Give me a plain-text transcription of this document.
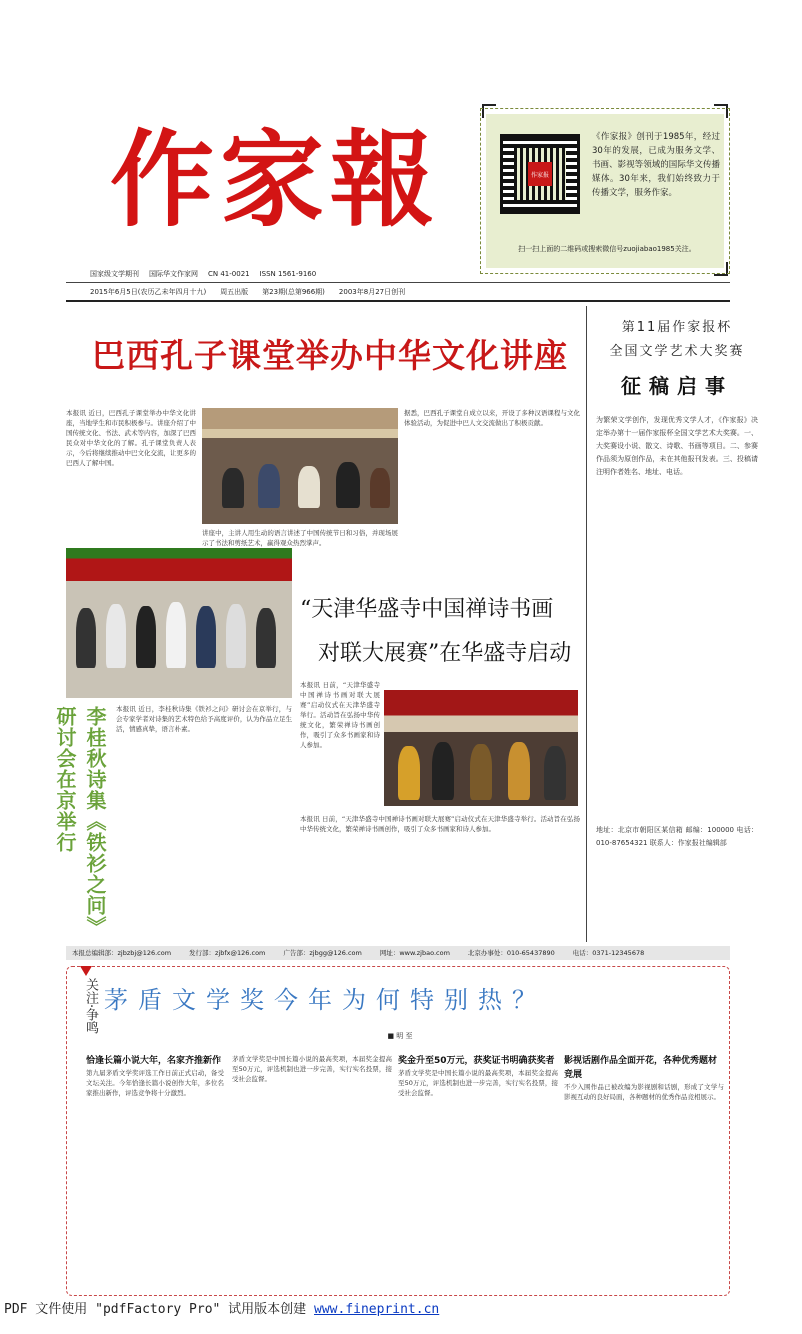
作家報	作家报
《作家报》创刊于1985年，经过30年的发展，已成为服务文学、书画、影视等领域的国际华文传播媒体。30年来，我们始终致力于传播文学，服务作家。
扫一扫上面的二维码或搜索微信号zuojiabao1985关注。
国家级文学期刊 国际华文作家网 CN 41-0021 ISSN 1561-9160
2015年6月5日(农历乙未年四月十九) 周五出版 第23期(总第966期) 2003年8月27日创刊
巴西孔子课堂举办中华文化讲座
本报讯 近日，巴西孔子课堂举办中华文化讲座，当地学生和市民积极参与。讲座介绍了中国传统文化、书法、武术等内容，加深了巴西民众对中华文化的了解。孔子课堂负责人表示，今后将继续推动中巴文化交流，让更多的巴西人了解中国。
讲座中，主讲人用生动的语言讲述了中国传统节日和习俗，并现场展示了书法和剪纸艺术，赢得观众热烈掌声。
据悉，巴西孔子课堂自成立以来，开设了多种汉语课程与文化体验活动，为促进中巴人文交流做出了积极贡献。
第11届作家报杯
全国文学艺术大奖赛
征稿启事
为繁荣文学创作，发现优秀文学人才，《作家报》决定举办第十一届作家报杯全国文学艺术大奖赛。一、大奖赛设小说、散文、诗歌、书画等项目。二、参赛作品须为原创作品，未在其他报刊发表。三、投稿请注明作者姓名、地址、电话。
地址：北京市朝阳区某信箱 邮编：100000 电话：010-87654321 联系人：作家报社编辑部
“天津华盛寺中国禅诗书画
对联大展赛”在华盛寺启动
本报讯 日前，“天津华盛寺中国禅诗书画对联大展赛”启动仪式在天津华盛寺举行。活动旨在弘扬中华传统文化，繁荣禅诗书画创作，吸引了众多书画家和诗人参加。
李桂秋诗集《铁衫之问》研讨会在京举行	本报讯 近日，李桂秋诗集《铁衫之问》研讨会在京举行，与会专家学者对诗集的艺术特色给予高度评价，认为作品立足生活，情感真挚，语言朴素。
本报讯 日前，“天津华盛寺中国禅诗书画对联大展赛”启动仪式在天津华盛寺举行。活动旨在弘扬中华传统文化，繁荣禅诗书画创作，吸引了众多书画家和诗人参加。
本报总编辑部：zjbzbj@126.com	发行部：zjbfx@126.com	广告部：zjbgg@126.com	网址：www.zjbao.com	北京办事处：010-65437890	电话：0371-12345678
关注·争鸣 茅盾文学奖今年为何特别热？
■ 明 至
恰逢长篇小说大年，名家齐推新作
第九届茅盾文学奖评选工作日前正式启动，备受文坛关注。今年恰逢长篇小说创作大年，多位名家推出新作，评选竞争将十分激烈。
茅盾文学奖是中国长篇小说的最高奖项，本届奖金提高至50万元，评选机制也进一步完善，实行实名投票，接受社会监督。
奖金升至50万元，获奖证书明确获奖者
茅盾文学奖是中国长篇小说的最高奖项，本届奖金提高至50万元，评选机制也进一步完善，实行实名投票，接受社会监督。
影视话剧作品全面开花，各种优秀题材竞展
不少入围作品已被改编为影视剧和话剧，形成了文学与影视互动的良好局面，各种题材的优秀作品竞相展示。
PDF 文件使用 "pdfFactory Pro" 试用版本创建 www.fineprint.cn
